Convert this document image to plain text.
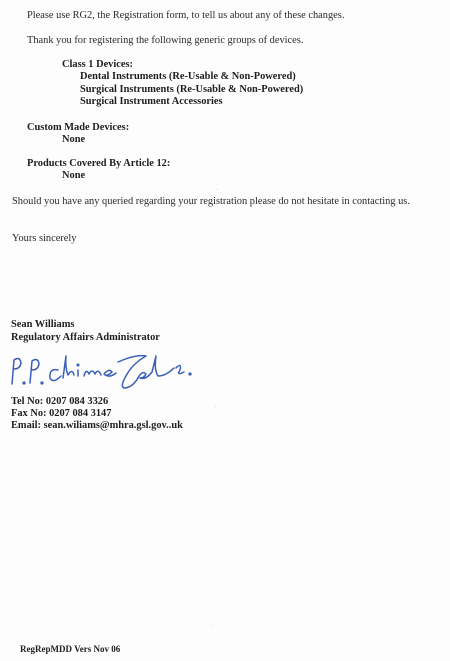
Please use RG2, the Registration form, to tell us about any of these changes.
Thank you for registering the following generic groups of devices.
Class 1 Devices:
Dental Instruments (Re-Usable & Non-Powered)
Surgical Instruments (Re-Usable & Non-Powered)
Surgical Instrument Accessories
Custom Made Devices:
None
Products Covered By Article 12:
None
Should you have any queried regarding your registration please do not hesitate in contacting us.
Yours sincerely
Sean Williams
Regulatory Affairs Administrator
Tel No: 0207 084 3326
Fax No: 0207 084 3147
Email: sean.wiliams@mhra.gsl.gov..uk
RegRepMDD Vers Nov 06
·
·
·
